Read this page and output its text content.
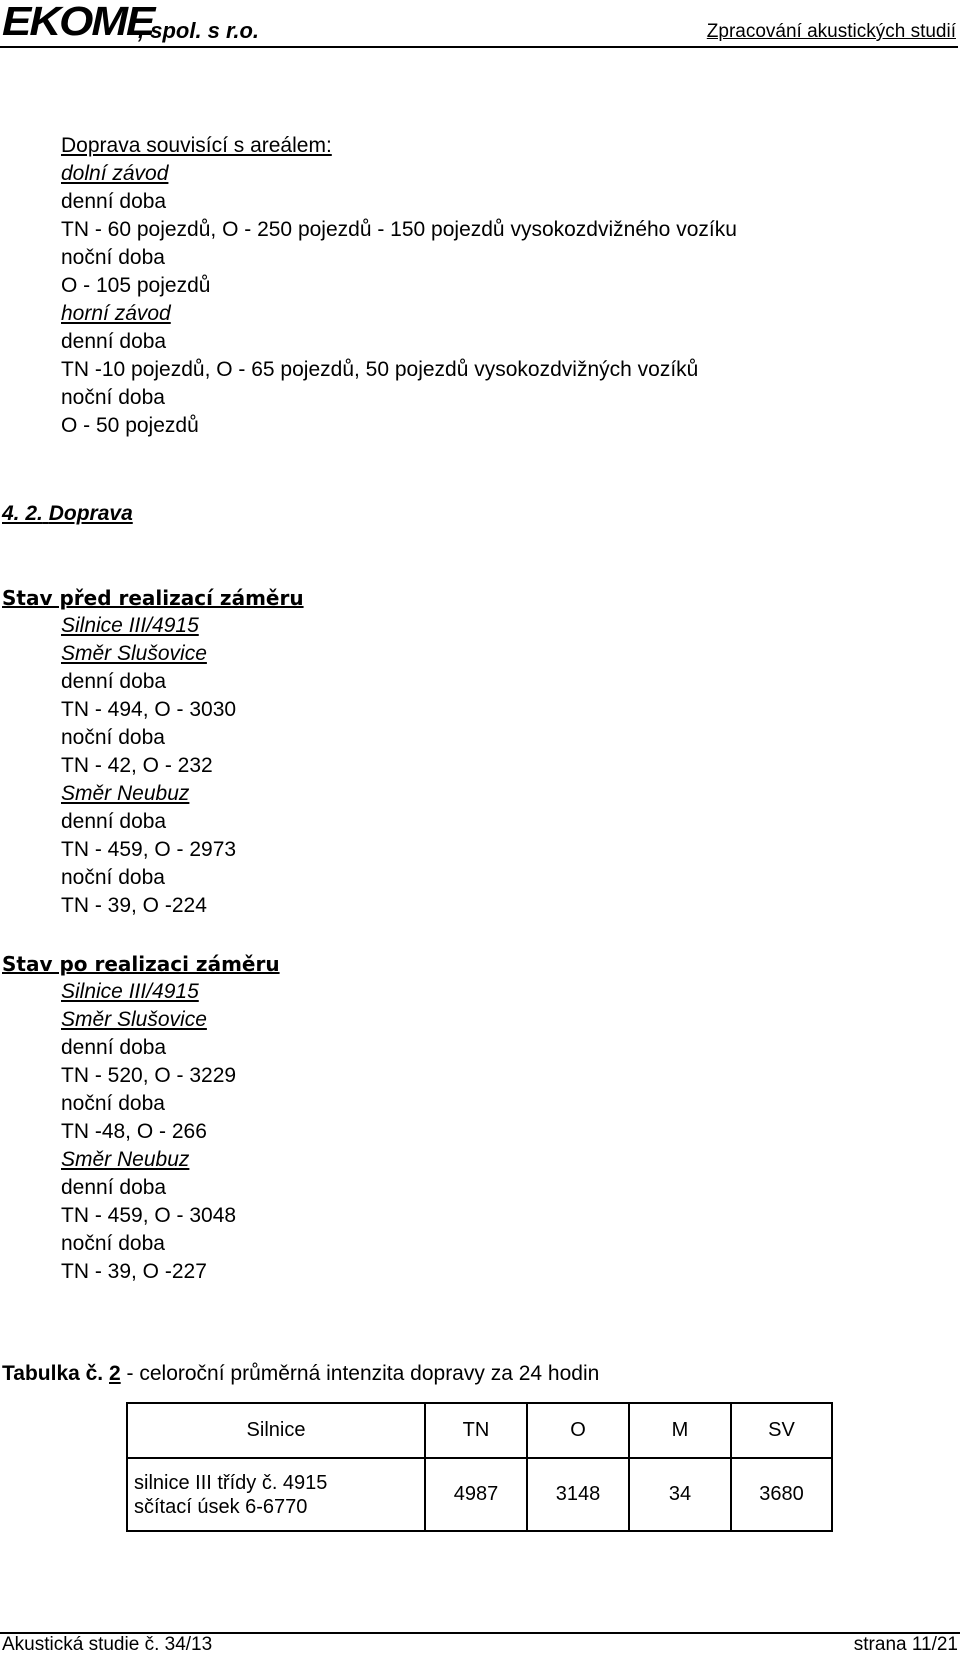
EKOME
, spol. s r.o.	Zpracování akustických studií
Doprava souvisící s areálem:
dolní závod
denní doba
TN - 60 pojezdů, O - 250 pojezdů - 150 pojezdů vysokozdvižného vozíku
noční doba
O - 105 pojezdů
horní závod
denní doba
TN -10 pojezdů, O - 65 pojezdů, 50 pojezdů vysokozdvižných vozíků
noční doba
O - 50 pojezdů
4. 2. Doprava
Stav před realizací záměru
Silnice III/4915
Směr Slušovice
denní doba
TN - 494, O - 3030
noční doba
TN - 42, O - 232
Směr Neubuz
denní doba
TN - 459, O - 2973
noční doba
TN - 39, O -224
Stav po realizaci záměru
Silnice III/4915
Směr Slušovice
denní doba
TN - 520, O - 3229
noční doba
TN -48, O - 266
Směr Neubuz
denní doba
TN - 459, O - 3048
noční doba
TN - 39, O -227
Tabulka č. 2 - celoroční průměrná intenzita dopravy za 24 hodin
Silnice	TN	O	M	SV

silnice III třídy č. 4915
sčítací úsek 6-6770	4987	3148	34	3680
Akustická studie č. 34/13	strana 11/21
